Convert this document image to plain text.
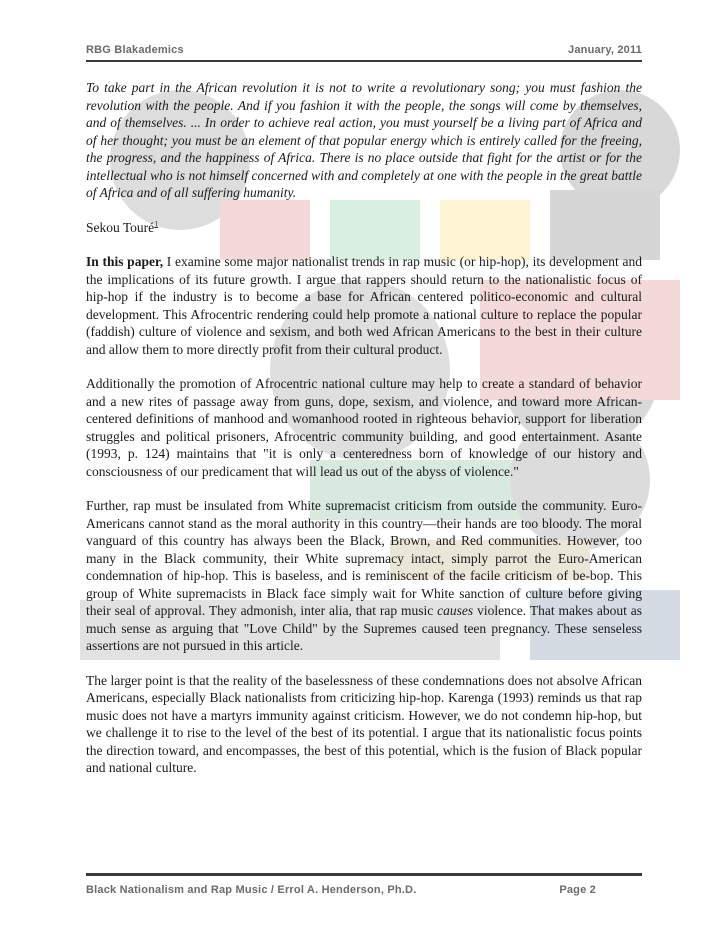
RBG Blakademics	January, 2011

To take part in the African revolution it is not to write a revolutionary song; you must fashion the revolution with the people. And if you fashion it with the people, the songs will come by themselves, and of themselves. ... In order to achieve real action, you must yourself be a living part of Africa and of her thought; you must be an element of that popular energy which is entirely called for the freeing, the progress, and the happiness of Africa. There is no place outside that fight for the artist or for the intellectual who is not himself concerned with and completely at one with the people in the great battle of Africa and of all suffering humanity.

Sekou Touré$^1$

In this paper, I examine some major nationalist trends in rap music (or hip-hop), its development and the implications of its future growth. I argue that rappers should return to the nationalistic focus of hip-hop if the industry is to become a base for African centered politico-economic and cultural development. This Afrocentric rendering could help promote a national culture to replace the popular (faddish) culture of violence and sexism, and both wed African Americans to the best in their culture and allow them to more directly profit from their cultural product.

Additionally the promotion of Afrocentric national culture may help to create a standard of behavior and a new rites of passage away from guns, dope, sexism, and violence, and toward more African-centered definitions of manhood and womanhood rooted in righteous behavior, support for liberation struggles and political prisoners, Afrocentric community building, and good entertainment. Asante (1993, p. 124) maintains that "it is only a centeredness born of knowledge of our history and consciousness of our predicament that will lead us out of the abyss of violence."

Further, rap must be insulated from White supremacist criticism from outside the community. Euro-Americans cannot stand as the moral authority in this country—their hands are too bloody. The moral vanguard of this country has always been the Black, Brown, and Red communities. However, too many in the Black community, their White supremacy intact, simply parrot the Euro-American condemnation of hip-hop. This is baseless, and is reminiscent of the facile criticism of be-bop. This group of White supremacists in Black face simply wait for White sanction of culture before giving their seal of approval. They admonish, inter alia, that rap music causes violence. That makes about as much sense as arguing that "Love Child" by the Supremes caused teen pregnancy. These senseless assertions are not pursued in this article.

The larger point is that the reality of the baselessness of these condemnations does not absolve African Americans, especially Black nationalists from criticizing hip-hop. Karenga (1993) reminds us that rap music does not have a martyrs immunity against criticism. However, we do not condemn hip-hop, but we challenge it to rise to the level of the best of its potential. I argue that its nationalistic focus points the direction toward, and encompasses, the best of this potential, which is the fusion of Black popular and national culture.

Black Nationalism and Rap Music / Errol A. Henderson, Ph.D.	Page 2
